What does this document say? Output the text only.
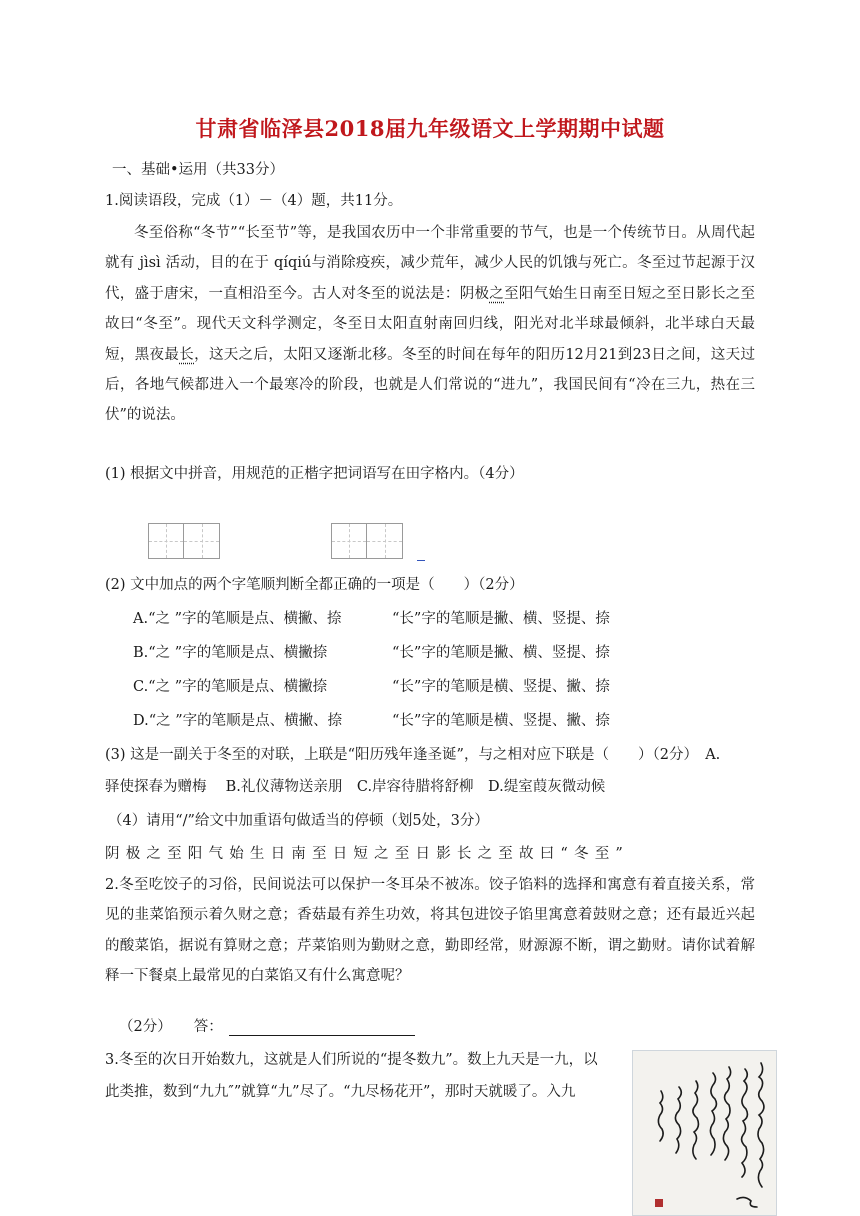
甘肃省临泽县2018届九年级语文上学期期中试题
一、基础•运用（共33分）
1.阅读语段，完成（1）－（4）题，共11分。

冬至俗称“冬节”“长至节”等，是我国农历中一个非常重要的节气，也是一个传统节日。从周代起就有 jìsì 活动，目的在于 qíqiú与消除疫疾，减少荒年，减少人民的饥饿与死亡。冬至过节起源于汉代，盛于唐宋，一直相沿至今。古人对冬至的说法是：阴极之至阳气始生日南至日短之至日影长之至故曰“冬至”。现代天文科学测定，冬至日太阳直射南回归线，阳光对北半球最倾斜，北半球白天最短，黑夜最长，这天之后，太阳又逐渐北移。冬至的时间在每年的阳历12月21到23日之间，这天过后，各地气候都进入一个最寒冷的阶段，也就是人们常说的“进九”，我国民间有“冷在三九，热在三伏”的说法。

(1) 根据文中拼音，用规范的正楷字把词语写在田字格内。（4分）
(2) 文中加点的两个字笔顺判断全都正确的一项是（　　）（2分）
A.“之 ”字的笔顺是点、横撇、捺	“长”字的笔顺是撇、横、竖提、捺
B.“之 ”字的笔顺是点、横撇捺	“长”字的笔顺是撇、横、竖提、捺
C.“之 ”字的笔顺是点、横撇捺	“长”字的笔顺是横、竖提、撇、捺
D.“之 ”字的笔顺是点、横撇、捺	“长”字的笔顺是横、竖提、撇、捺
(3) 这是一副关于冬至的对联，上联是“阳历残年逢圣诞”，与之相对应下联是（　　）（2分）　A.
驿使探春为赠梅　 B.礼仪薄物送亲朋　C.岸容待腊将舒柳　D.缇室葭灰微动候
（4）请用“/”给文中加重语句做适当的停顿（划5处，3分）
阴极之至阳气始生日南至日短之至日影长之至故曰“冬至”

2.冬至吃饺子的习俗，民间说法可以保护一冬耳朵不被冻。饺子馅料的选择和寓意有着直接关系，常见的韭菜馅预示着久财之意；香菇最有养生功效，将其包进饺子馅里寓意着鼓财之意；还有最近兴起的酸菜馅，据说有算财之意；芹菜馅则为勤财之意，勤即经常，财源源不断，谓之勤财。请你试着解释一下餐桌上最常见的白菜馅又有什么寓意呢？

（2分） 答：
3.冬至的次日开始数九，这就是人们所说的“提冬数九”。数上九天是一九，以
此类推，数到“九九″”就算“九”尽了。“九尽杨花开”，那时天就暖了。入九
